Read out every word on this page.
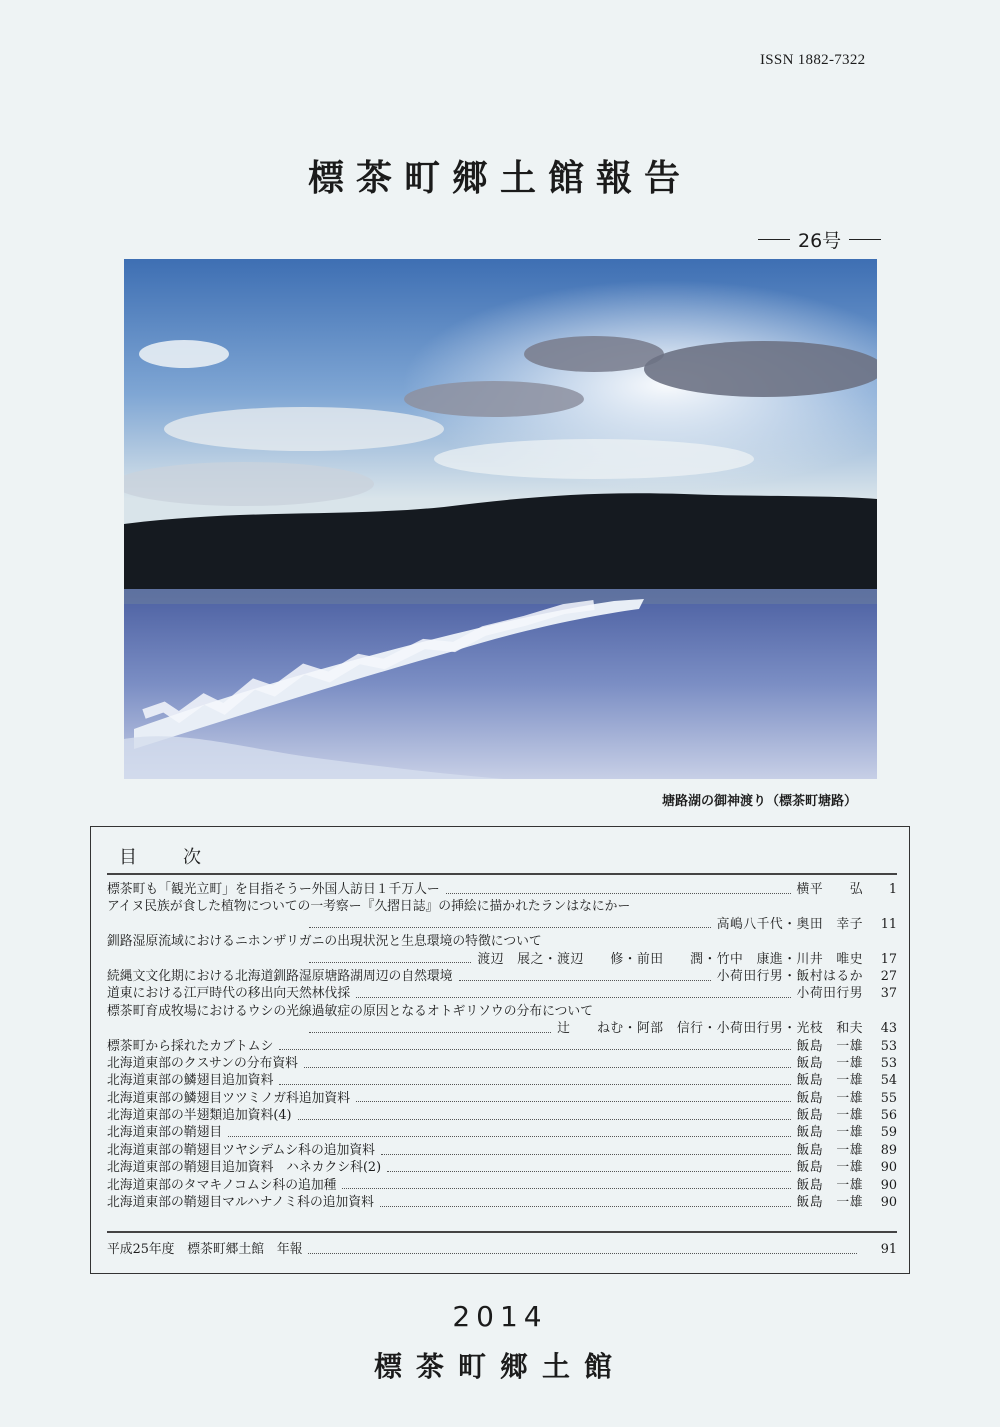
ISSN 1882-7322
標茶町郷土館報告
26号
塘路湖の御神渡り（標茶町塘路）
目　次
標茶町も「観光立町」を目指そうー外国人訪日１千万人ー	横平　　弘	1
アイヌ民族が食した植物についての一考察ー『久摺日誌』の挿絵に描かれたランはなにかー
高嶋八千代・奥田　幸子	11
釧路湿原流域におけるニホンザリガニの出現状況と生息環境の特徴について
渡辺　展之・渡辺　　修・前田　　潤・竹中　康進・川井　唯史	17
続縄文文化期における北海道釧路湿原塘路湖周辺の自然環境	小荷田行男・飯村はるか	27
道東における江戸時代の移出向天然林伐採	小荷田行男	37
標茶町育成牧場におけるウシの光線過敏症の原因となるオトギリソウの分布について
辻　　ねむ・阿部　信行・小荷田行男・光枝　和夫	43
標茶町から採れたカブトムシ	飯島　一雄	53
北海道東部のクスサンの分布資料	飯島　一雄	53
北海道東部の鱗翅目追加資料	飯島　一雄	54
北海道東部の鱗翅目ツツミノガ科追加資料	飯島　一雄	55
北海道東部の半翅類追加資料(4)	飯島　一雄	56
北海道東部の鞘翅目	飯島　一雄	59
北海道東部の鞘翅目ツヤシデムシ科の追加資料	飯島　一雄	89
北海道東部の鞘翅目追加資料　ハネカクシ科(2)	飯島　一雄	90
北海道東部のタマキノコムシ科の追加種	飯島　一雄	90
北海道東部の鞘翅目マルハナノミ科の追加資料	飯島　一雄	90
平成25年度　標茶町郷土館　年報	91
2014
標茶町郷土館
